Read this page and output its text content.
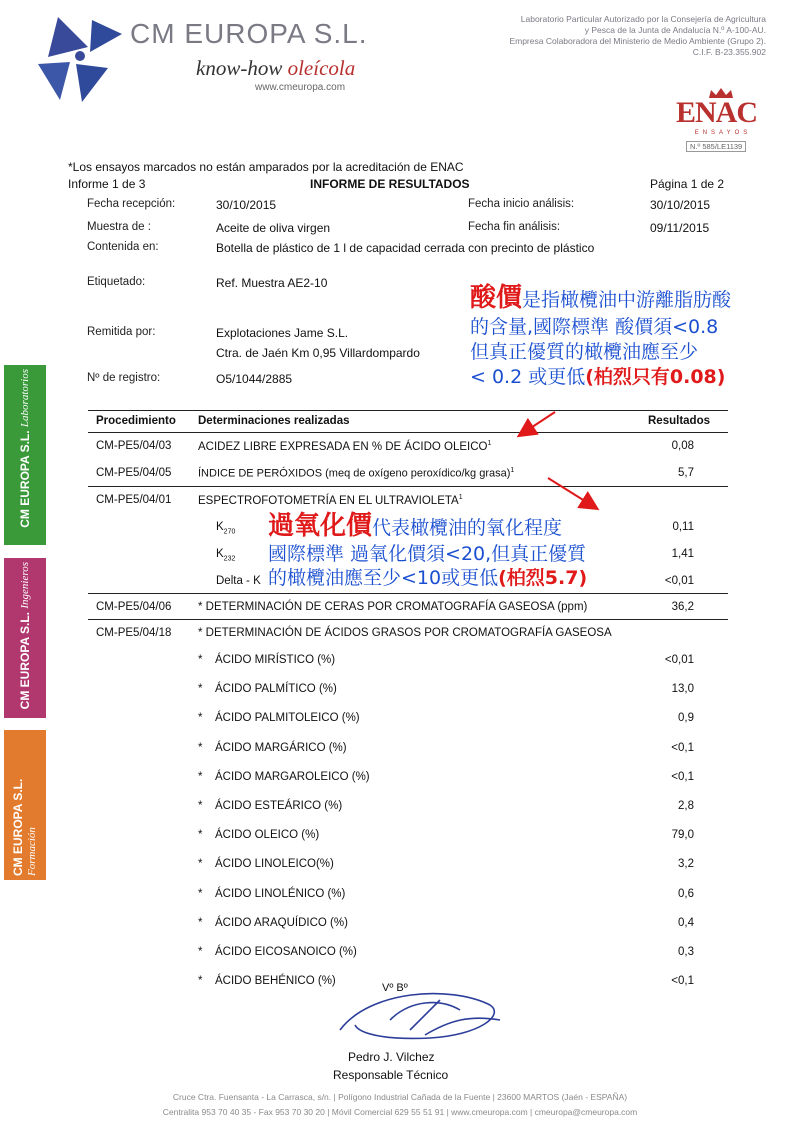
CM EUROPA S.L.
know-how oleícola
www.cmeuropa.com
Laboratorio Particular Autorizado por la Consejería de Agricultura
y Pesca de la Junta de Andalucía N.º A-100-AU.
Empresa Colaboradora del Ministerio de Medio Ambiente (Grupo 2).
C.I.F. B-23.355.902
ENAC
ENSAYOS
N.º 585/LE1139
CM EUROPA S.L. Laboratorios
CM EUROPA S.L. Ingenieros
CM EUROPA S.L. Formación
*Los ensayos marcados no están amparados por la acreditación de ENAC
Informe 1 de 3	INFORME DE RESULTADOS	Página 1 de 2
Fecha recepción:	30/10/2015	Fecha inicio análisis:	30/10/2015
Muestra de :	Aceite de oliva virgen	Fecha fin análisis:	09/11/2015
Contenida en:	Botella de plástico de 1 l de capacidad cerrada con precinto de plástico
Etiquetado:	Ref. Muestra AE2-10
Remitida por:	Explotaciones Jame S.L.
Ctra. de Jaén Km 0,95 Villardompardo
Nº de registro:	O5/1044/2885
Procedimiento Determinaciones realizadas	Resultados
CM-PE5/04/03 ACIDEZ LIBRE EXPRESADA EN % DE ÁCIDO OLEICO$^1$	0,08
CM-PE5/04/05 ÍNDICE DE PERÓXIDOS (meq de oxígeno peroxídico/kg grasa)$^1$	5,7
CM-PE5/04/01 ESPECTROFOTOMETRÍA EN EL ULTRAVIOLETA$^1$
$K_{270}$	0,11
$K_{232}$	1,41
Delta - K	<0,01
CM-PE5/04/06 * DETERMINACIÓN DE CERAS POR CROMATOGRAFÍA GASEOSA (ppm)	36,2
CM-PE5/04/18 * DETERMINACIÓN DE ÁCIDOS GRASOS POR CROMATOGRAFÍA GASEOSA
* ÁCIDO MIRÍSTICO (%)	<0,01
* ÁCIDO PALMÍTICO (%)	13,0
* ÁCIDO PALMITOLEICO (%)	0,9
* ÁCIDO MARGÁRICO (%)	<0,1
* ÁCIDO MARGAROLEICO (%)	<0,1
* ÁCIDO ESTEÁRICO (%)	2,8
* ÁCIDO OLEICO (%)	79,0
* ÁCIDO LINOLEICO(%)	3,2
* ÁCIDO LINOLÉNICO (%)	0,6
* ÁCIDO ARAQUÍDICO (%)	0,4
* ÁCIDO EICOSANOICO (%)	0,3
* ÁCIDO BEHÉNICO (%)	<0,1
酸價是指橄欖油中游離脂肪酸
的含量,國際標準 酸價須<0.8
但真正優質的橄欖油應至少
< 0.2 或更低(柏烈只有0.08)
過氧化價代表橄欖油的氧化程度
國際標準 過氧化價須<20,但真正優質
的橄欖油應至少<10或更低(柏烈5.7)
Vº Bº
Pedro J. Vilchez
Responsable Técnico
Cruce Ctra. Fuensanta - La Carrasca, s/n. | Polígono Industrial Cañada de la Fuente | 23600 MARTOS (Jaén - ESPAÑA)
Centralita 953 70 40 35 - Fax 953 70 30 20 | Móvil Comercial 629 55 51 91 | www.cmeuropa.com | cmeuropa@cmeuropa.com
